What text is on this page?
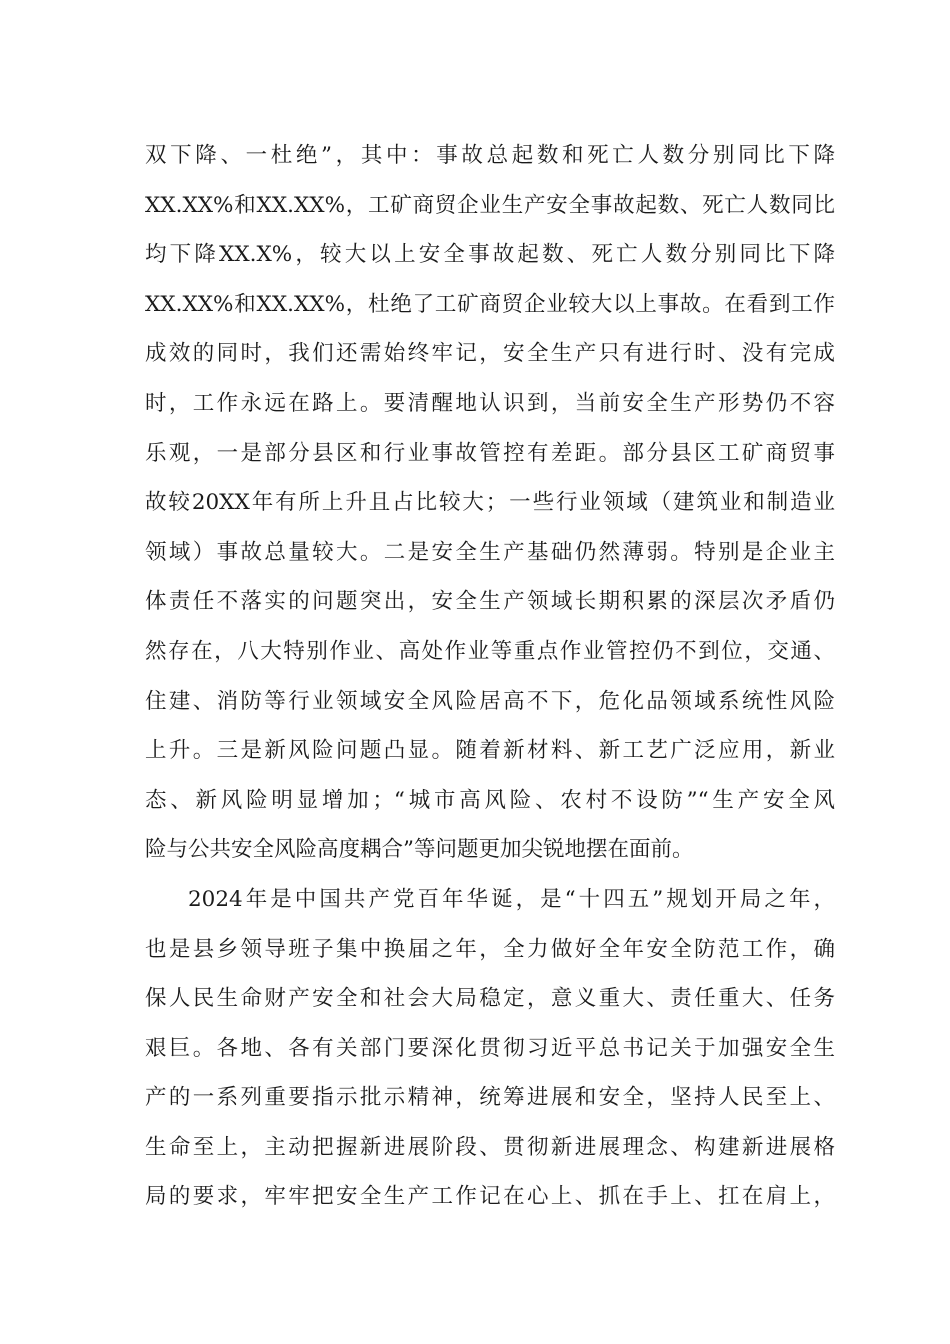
双下降、一杜绝”，其中：事故总起数和死亡人数分别同比下降
XX.XX%和XX.XX%，工矿商贸企业生产安全事故起数、死亡人数同比
均下降XX.X%，较大以上安全事故起数、死亡人数分别同比下降
XX.XX%和XX.XX%，杜绝了工矿商贸企业较大以上事故。在看到工作
成效的同时，我们还需始终牢记，安全生产只有进行时、没有完成
时，工作永远在路上。要清醒地认识到，当前安全生产形势仍不容
乐观，一是部分县区和行业事故管控有差距。部分县区工矿商贸事
故较20XX年有所上升且占比较大；一些行业领域（建筑业和制造业
领域）事故总量较大。二是安全生产基础仍然薄弱。特别是企业主
体责任不落实的问题突出，安全生产领域长期积累的深层次矛盾仍
然存在，八大特别作业、高处作业等重点作业管控仍不到位，交通、
住建、消防等行业领域安全风险居高不下，危化品领域系统性风险
上升。三是新风险问题凸显。随着新材料、新工艺广泛应用，新业
态、新风险明显增加；“城市高风险、农村不设防”“生产安全风
险与公共安全风险高度耦合”等问题更加尖锐地摆在面前。
2024年是中国共产党百年华诞，是“十四五”规划开局之年，
也是县乡领导班子集中换届之年，全力做好全年安全防范工作，确
保人民生命财产安全和社会大局稳定，意义重大、责任重大、任务
艰巨。各地、各有关部门要深化贯彻习近平总书记关于加强安全生
产的一系列重要指示批示精神，统筹进展和安全，坚持人民至上、
生命至上，主动把握新进展阶段、贯彻新进展理念、构建新进展格
局的要求，牢牢把安全生产工作记在心上、抓在手上、扛在肩上，
